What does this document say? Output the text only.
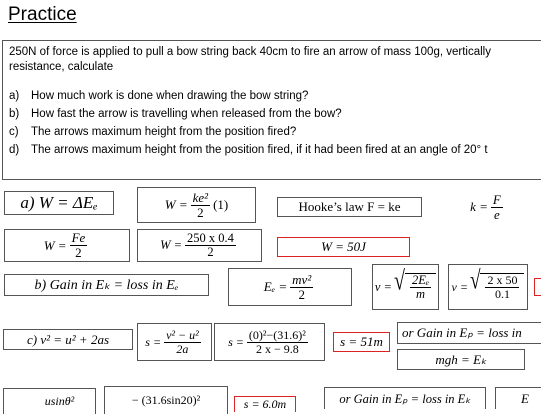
Practice
250N of force is applied to pull a bow string back 40cm to fire an arrow of mass 100g, vertically
resistance, calculate
a)	How much work is done when drawing the bow string?
b)	How fast the arrow is travelling when released from the bow?
c)	The arrows maximum height from the position fired?
d)	The arrows maximum height from the position fired, if it had been fired at an angle of 20° t
a) W = ΔEₑ	$W = \frac{\text{ke²}}{2} (1)$	Hooke’s law F = ke	$k = \frac{F}{e}$
$W = \frac{Fe}{2}$	$W = \frac{250 x 0.4}{2}$	W = 50J
b) Gain in Eₖ = loss in Eₑ	$E_e = \frac{\text{mv²}}{2}$	v = √ $\frac{\text{2Eₑ}}{m}$ v = √ $\frac{2 x 50}{0.1}$
c) v² = u² + 2as	$s = \frac{\text{v² − u²}}{2a}$ $s = \frac{\text{(0)²−(31.6)²}}{2 x - 9.8}$ s = 51m
or Gain in Eₚ = loss in
mgh = Eₖ
usinθ²	− (31.6sin20)²	s = 6.0m	or Gain in Eₚ = loss in Eₖ	E
